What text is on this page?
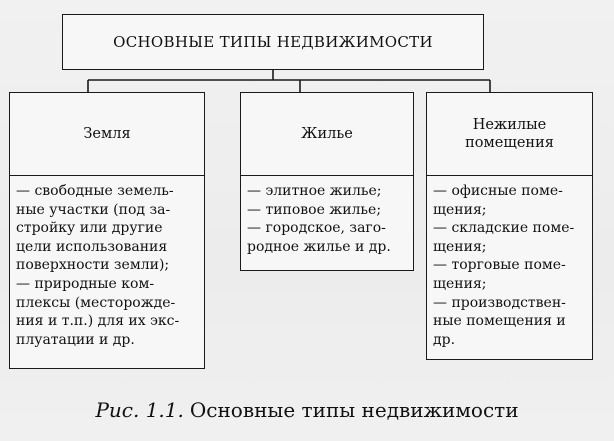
ОСНОВНЫЕ ТИПЫ НЕДВИЖИМОСТИ
Земля
— свободные земель-
ные участки (под за-
стройку или другие
цели использования
поверхности земли);
— природные ком-
плексы (месторожде-
ния и т.п.) для их экс-
плуатации и др.
Жилье
— элитное жилье;
— типовое жилье;
— городское, заго-
родное жилье и др.
Нежилые
помещения
— офисные поме-
щения;
— складские поме-
щения;
— торговые поме-
щения;
— производствен-
ные помещения и
др.
Рис. 1.1. Основные типы недвижимости
